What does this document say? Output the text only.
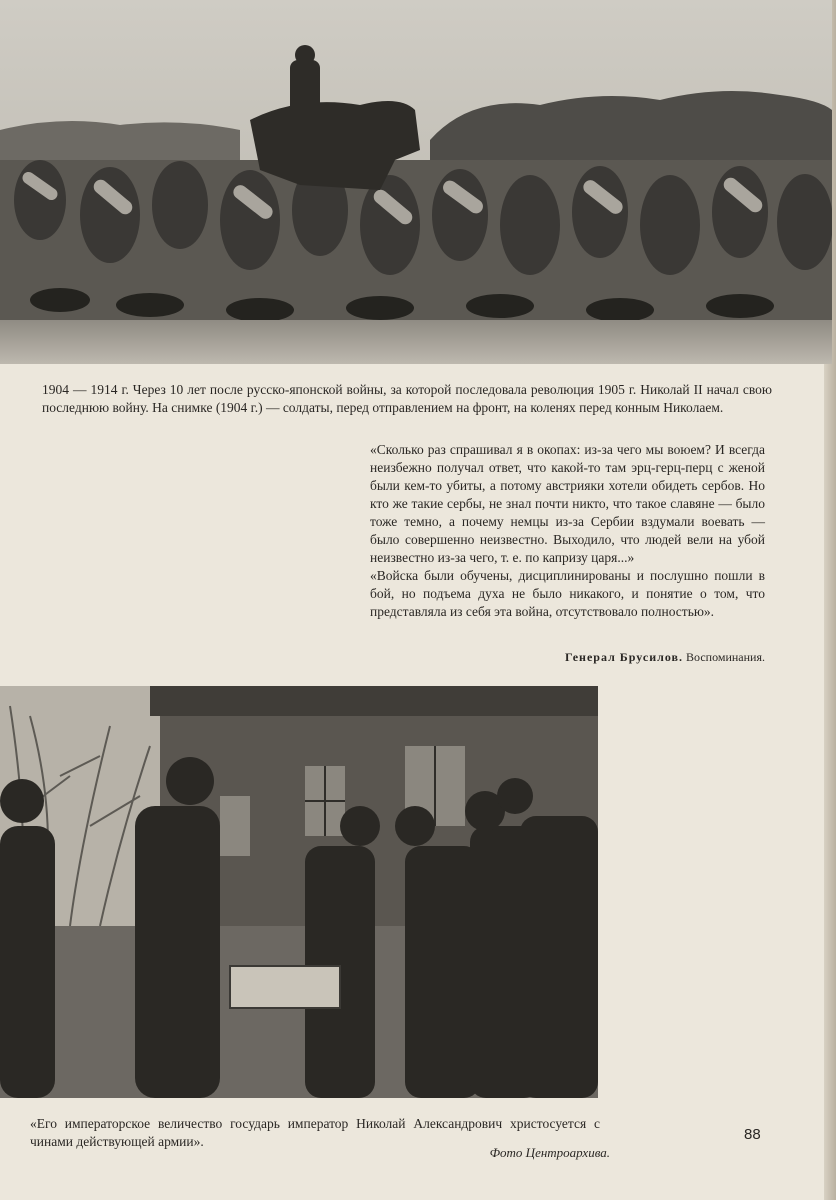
1904 — 1914 г. Через 10 лет после русско-японской войны, за которой последовала революция 1905 г. Николай II начал свою последнюю войну. На снимке (1904 г.) — солдаты, перед отправлением на фронт, на коленях перед конным Николаем.

«Сколько раз спрашивал я в окопах: из-за чего мы воюем? И всегда неизбежно получал ответ, что какой-то там эрц-герц-перц с женой были кем-то убиты, а потому австрияки хотели обидеть сербов. Но кто же такие сербы, не знал почти никто, что такое славяне — было тоже темно, а почему немцы из-за Сербии вздумали воевать — было совершенно неизвестно. Выходило, что людей вели на убой неизвестно из-за чего, т. е. по капризу царя...»

«Войска были обучены, дисциплинированы и послушно пошли в бой, но подъема духа не было никакого, и понятие о том, что представляла из себя эта война, отсутствовало полностью».

Генерал Брусилов. Воспоминания.
«Его императорское величество государь император Николай Александрович христосуется с чинами действующей армии».
Фото Центроархива.
88
